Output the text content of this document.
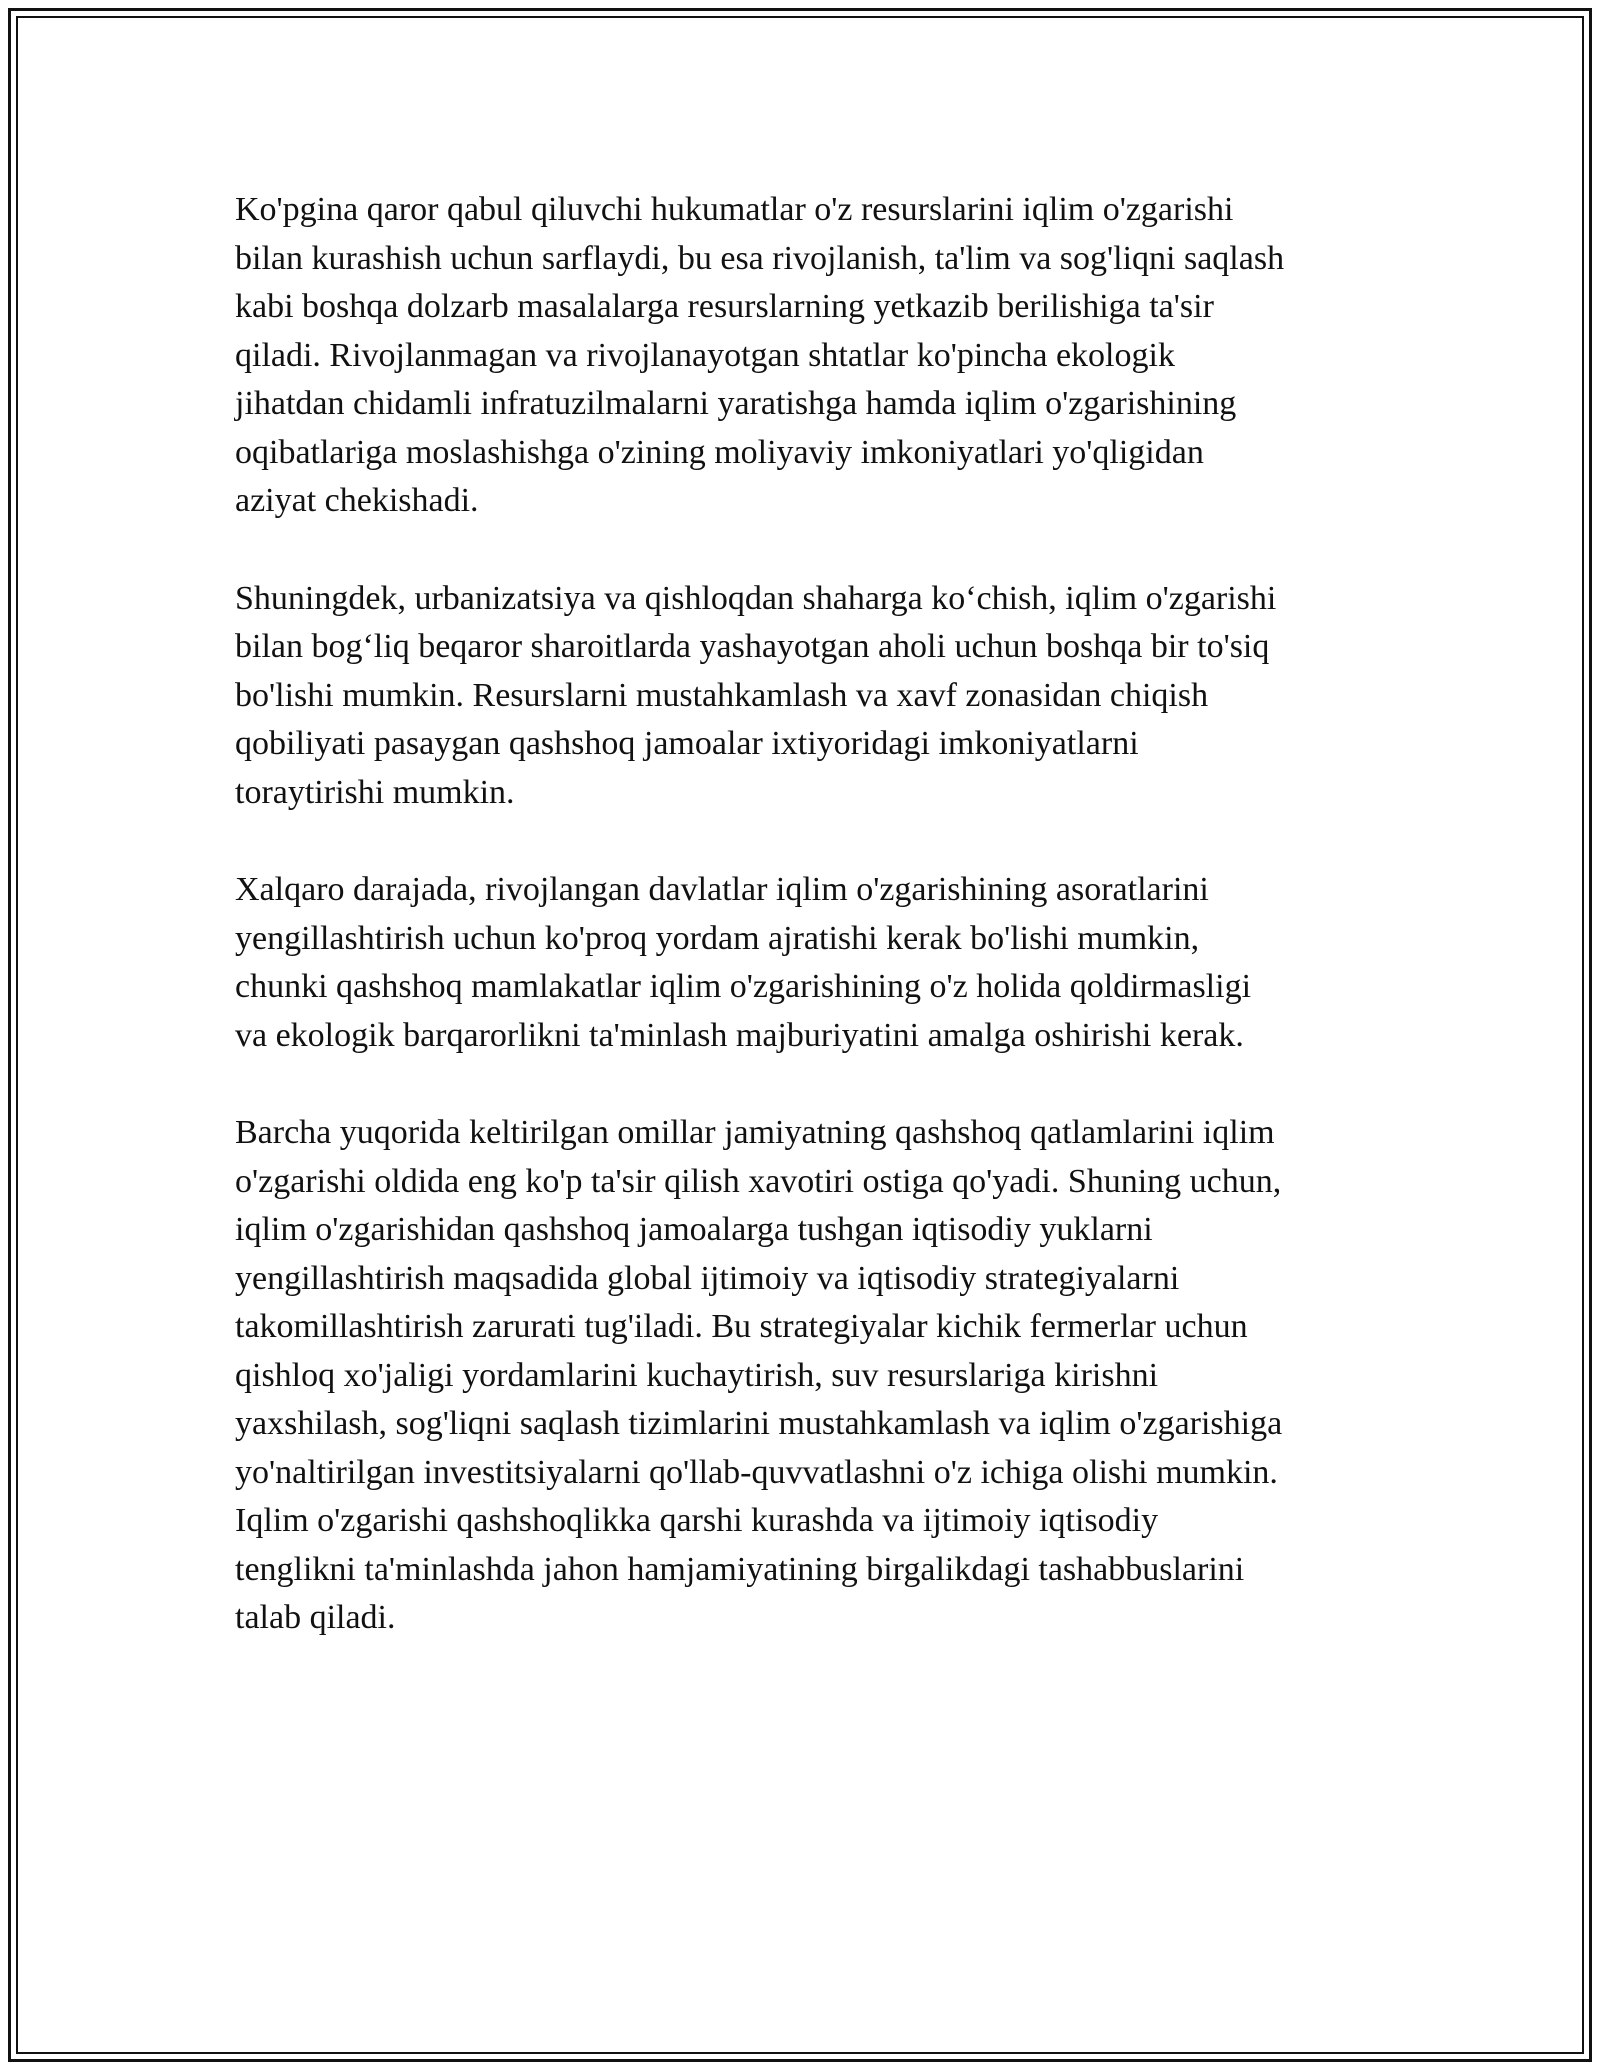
Ko'pgina qaror qabul qiluvchi hukumatlar o'z resurslarini iqlim o'zgarishi
bilan kurashish uchun sarflaydi, bu esa rivojlanish, ta'lim va sog'liqni saqlash
kabi boshqa dolzarb masalalarga resurslarning yetkazib berilishiga ta'sir
qiladi. Rivojlanmagan va rivojlanayotgan shtatlar ko'pincha ekologik
jihatdan chidamli infratuzilmalarni yaratishga hamda iqlim o'zgarishining
oqibatlariga moslashishga o'zining moliyaviy imkoniyatlari yo'qligidan
aziyat chekishadi.

Shuningdek, urbanizatsiya va qishloqdan shaharga ko‘chish, iqlim o'zgarishi
bilan bog‘liq beqaror sharoitlarda yashayotgan aholi uchun boshqa bir to'siq
bo'lishi mumkin. Resurslarni mustahkamlash va xavf zonasidan chiqish
qobiliyati pasaygan qashshoq jamoalar ixtiyoridagi imkoniyatlarni
toraytirishi mumkin.

Xalqaro darajada, rivojlangan davlatlar iqlim o'zgarishining asoratlarini
yengillashtirish uchun ko'proq yordam ajratishi kerak bo'lishi mumkin,
chunki qashshoq mamlakatlar iqlim o'zgarishining o'z holida qoldirmasligi
va ekologik barqarorlikni ta'minlash majburiyatini amalga oshirishi kerak.

Barcha yuqorida keltirilgan omillar jamiyatning qashshoq qatlamlarini iqlim
o'zgarishi oldida eng ko'p ta'sir qilish xavotiri ostiga qo'yadi. Shuning uchun,
iqlim o'zgarishidan qashshoq jamoalarga tushgan iqtisodiy yuklarni
yengillashtirish maqsadida global ijtimoiy va iqtisodiy strategiyalarni
takomillashtirish zarurati tug'iladi. Bu strategiyalar kichik fermerlar uchun
qishloq xo'jaligi yordamlarini kuchaytirish, suv resurslariga kirishni
yaxshilash, sog'liqni saqlash tizimlarini mustahkamlash va iqlim o'zgarishiga
yo'naltirilgan investitsiyalarni qo'llab-quvvatlashni o'z ichiga olishi mumkin.
Iqlim o'zgarishi qashshoqlikka qarshi kurashda va ijtimoiy iqtisodiy
tenglikni ta'minlashda jahon hamjamiyatining birgalikdagi tashabbuslarini
talab qiladi.
